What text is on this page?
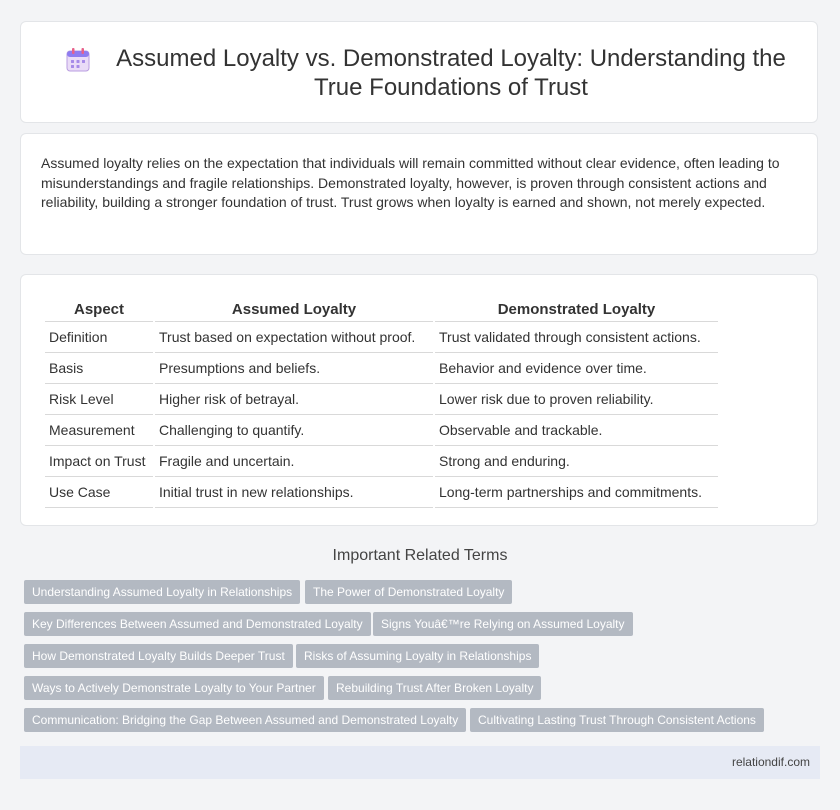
Assumed Loyalty vs. Demonstrated Loyalty: Understanding the True Foundations of Trust

Assumed loyalty relies on the expectation that individuals will remain committed without clear evidence, often leading to misunderstandings and fragile relationships. Demonstrated loyalty, however, is proven through consistent actions and reliability, building a stronger foundation of trust. Trust grows when loyalty is earned and shown, not merely expected.

Aspect	Assumed Loyalty	Demonstrated Loyalty
Definition	Trust based on expectation without proof.	Trust validated through consistent actions.
Basis	Presumptions and beliefs.	Behavior and evidence over time.
Risk Level	Higher risk of betrayal.	Lower risk due to proven reliability.
Measurement	Challenging to quantify.	Observable and trackable.
Impact on Trust	Fragile and uncertain.	Strong and enduring.
Use Case	Initial trust in new relationships.	Long-term partnerships and commitments.
Important Related Terms
Understanding Assumed Loyalty in Relationships	The Power of Demonstrated Loyalty
Key Differences Between Assumed and Demonstrated Loyalty	Signs Youâ€™re Relying on Assumed Loyalty
How Demonstrated Loyalty Builds Deeper Trust	Risks of Assuming Loyalty in Relationships
Ways to Actively Demonstrate Loyalty to Your Partner	Rebuilding Trust After Broken Loyalty
Communication: Bridging the Gap Between Assumed and Demonstrated Loyalty	Cultivating Lasting Trust Through Consistent Actions
relationdif.com
